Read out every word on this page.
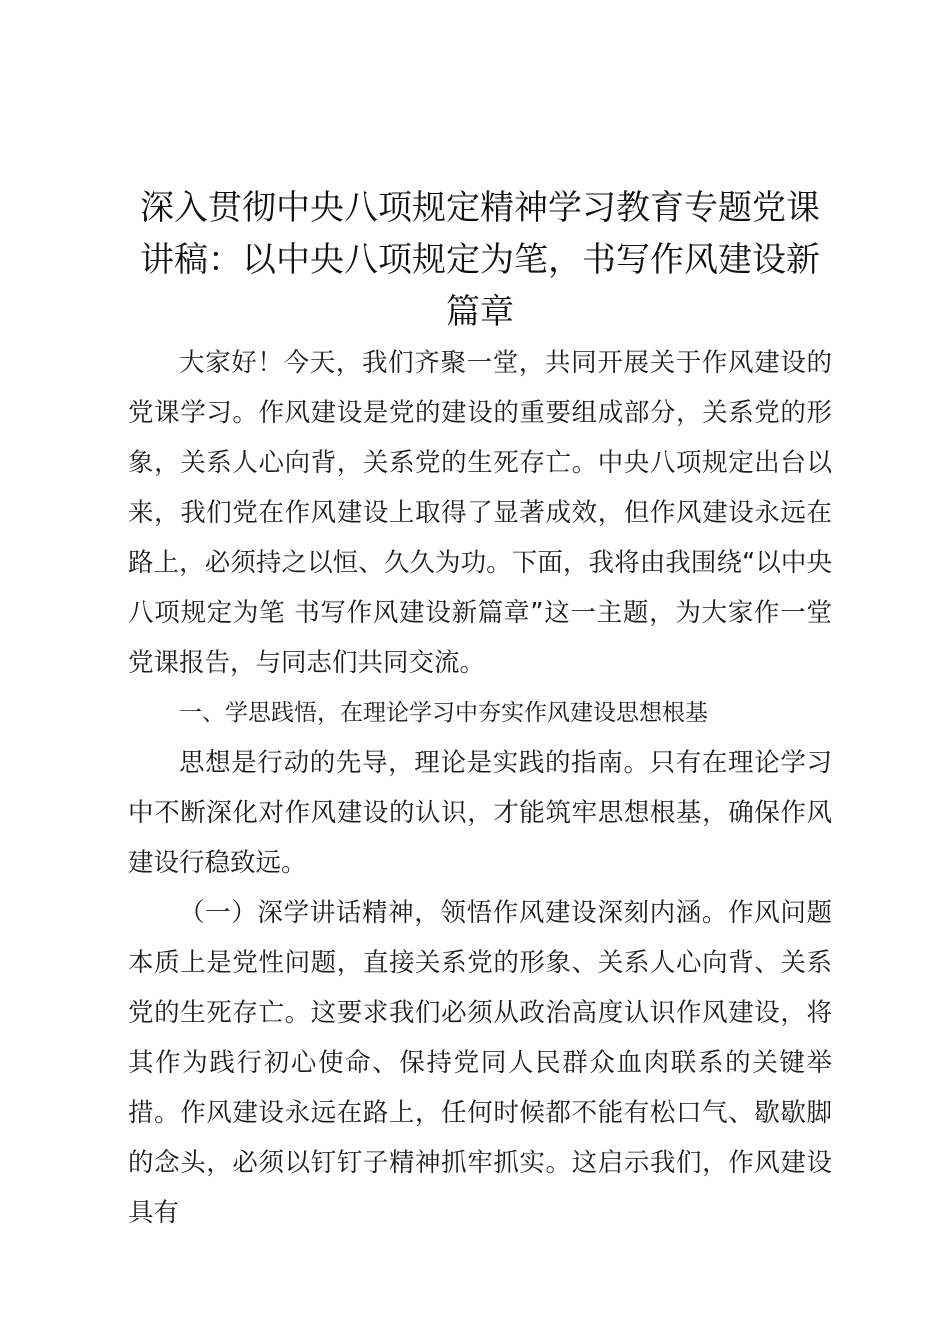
深入贯彻中央八项规定精神学习教育专题党课讲稿：以中央八项规定为笔，书写作风建设新篇章

大家好！今天，我们齐聚一堂，共同开展关于作风建设的党课学习。作风建设是党的建设的重要组成部分，关系党的形象，关系人心向背，关系党的生死存亡。中央八项规定出台以来，我们党在作风建设上取得了显著成效，但作风建设永远在路上，必须持之以恒、久久为功。下面，我将由我围绕“以中央八项规定为笔 书写作风建设新篇章”这一主题，为大家作一堂党课报告，与同志们共同交流。

一、学思践悟，在理论学习中夯实作风建设思想根基

思想是行动的先导，理论是实践的指南。只有在理论学习中不断深化对作风建设的认识，才能筑牢思想根基，确保作风建设行稳致远。

（一）深学讲话精神，领悟作风建设深刻内涵。作风问题本质上是党性问题，直接关系党的形象、关系人心向背、关系党的生死存亡。这要求我们必须从政治高度认识作风建设，将其作为践行初心使命、保持党同人民群众血肉联系的关键举措。作风建设永远在路上，任何时候都不能有松口气、歇歇脚的念头，必须以钉钉子精神抓牢抓实。这启示我们，作风建设具有
